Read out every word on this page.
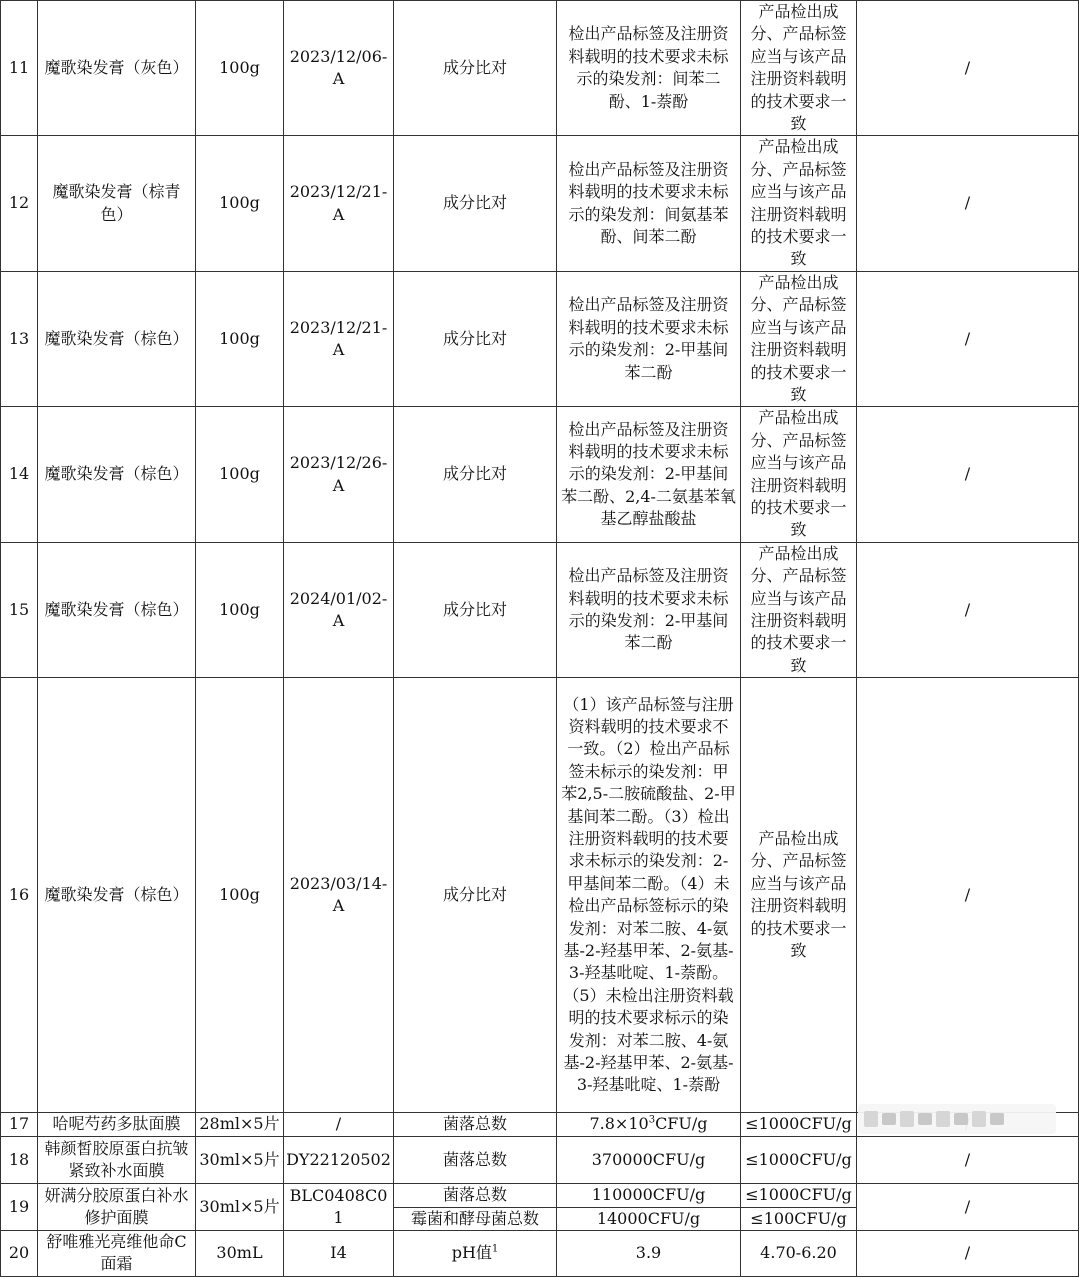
11	魔歌染发膏（灰色）	100g	2023/12/06-A	成分比对	检出产品标签及注册资料载明的技术要求未标示的染发剂：间苯二酚、1-萘酚	产品检出成分、产品标签应当与该产品注册资料载明的技术要求一致	/
12	魔歌染发膏（棕青色）	100g	2023/12/21-A	成分比对	检出产品标签及注册资料载明的技术要求未标示的染发剂：间氨基苯酚、间苯二酚	产品检出成分、产品标签应当与该产品注册资料载明的技术要求一致	/
13	魔歌染发膏（棕色）	100g	2023/12/21-A	成分比对	检出产品标签及注册资料载明的技术要求未标示的染发剂：2-甲基间苯二酚	产品检出成分、产品标签应当与该产品注册资料载明的技术要求一致	/
14	魔歌染发膏（棕色）	100g	2023/12/26-A	成分比对	检出产品标签及注册资料载明的技术要求未标示的染发剂：2-甲基间苯二酚、2,4-二氨基苯氧基乙醇盐酸盐	产品检出成分、产品标签应当与该产品注册资料载明的技术要求一致	/
15	魔歌染发膏（棕色）	100g	2024/01/02-A	成分比对	检出产品标签及注册资料载明的技术要求未标示的染发剂：2-甲基间苯二酚	产品检出成分、产品标签应当与该产品注册资料载明的技术要求一致	/
16	魔歌染发膏（棕色）	100g	2023/03/14-A	成分比对	（1）该产品标签与注册资料载明的技术要求不一致。（2）检出产品标签未标示的染发剂：甲苯2,5-二胺硫酸盐、2-甲基间苯二酚。（3）检出注册资料载明的技术要求未标示的染发剂：2-甲基间苯二酚。（4）未检出产品标签标示的染发剂：对苯二胺、4-氨基-2-羟基甲苯、2-氨基-3-羟基吡啶、1-萘酚。（5）未检出注册资料载明的技术要求标示的染发剂：对苯二胺、4-氨基-2-羟基甲苯、2-氨基-3-羟基吡啶、1-萘酚	产品检出成分、产品标签应当与该产品注册资料载明的技术要求一致	/
17	哈呢芍药多肽面膜	28ml×5片	/	菌落总数	$7.8\times 10^3CFU/g$	≤1000CFU/g	
18	韩颜皙胶原蛋白抗皱紧致补水面膜	30ml×5片	DY22120502	菌落总数	370000CFU/g	≤1000CFU/g	/
19	妍满分胶原蛋白补水修护面膜	30ml×5片	BLC0408C01	菌落总数	110000CFU/g	≤1000CFU/g	/
				霉菌和酵母菌总数	14000CFU/g	≤100CFU/g	
20	舒唯雅光亮维他命C面霜	30mL	I4	pH值$^1$	3.9	4.70-6.20	/
